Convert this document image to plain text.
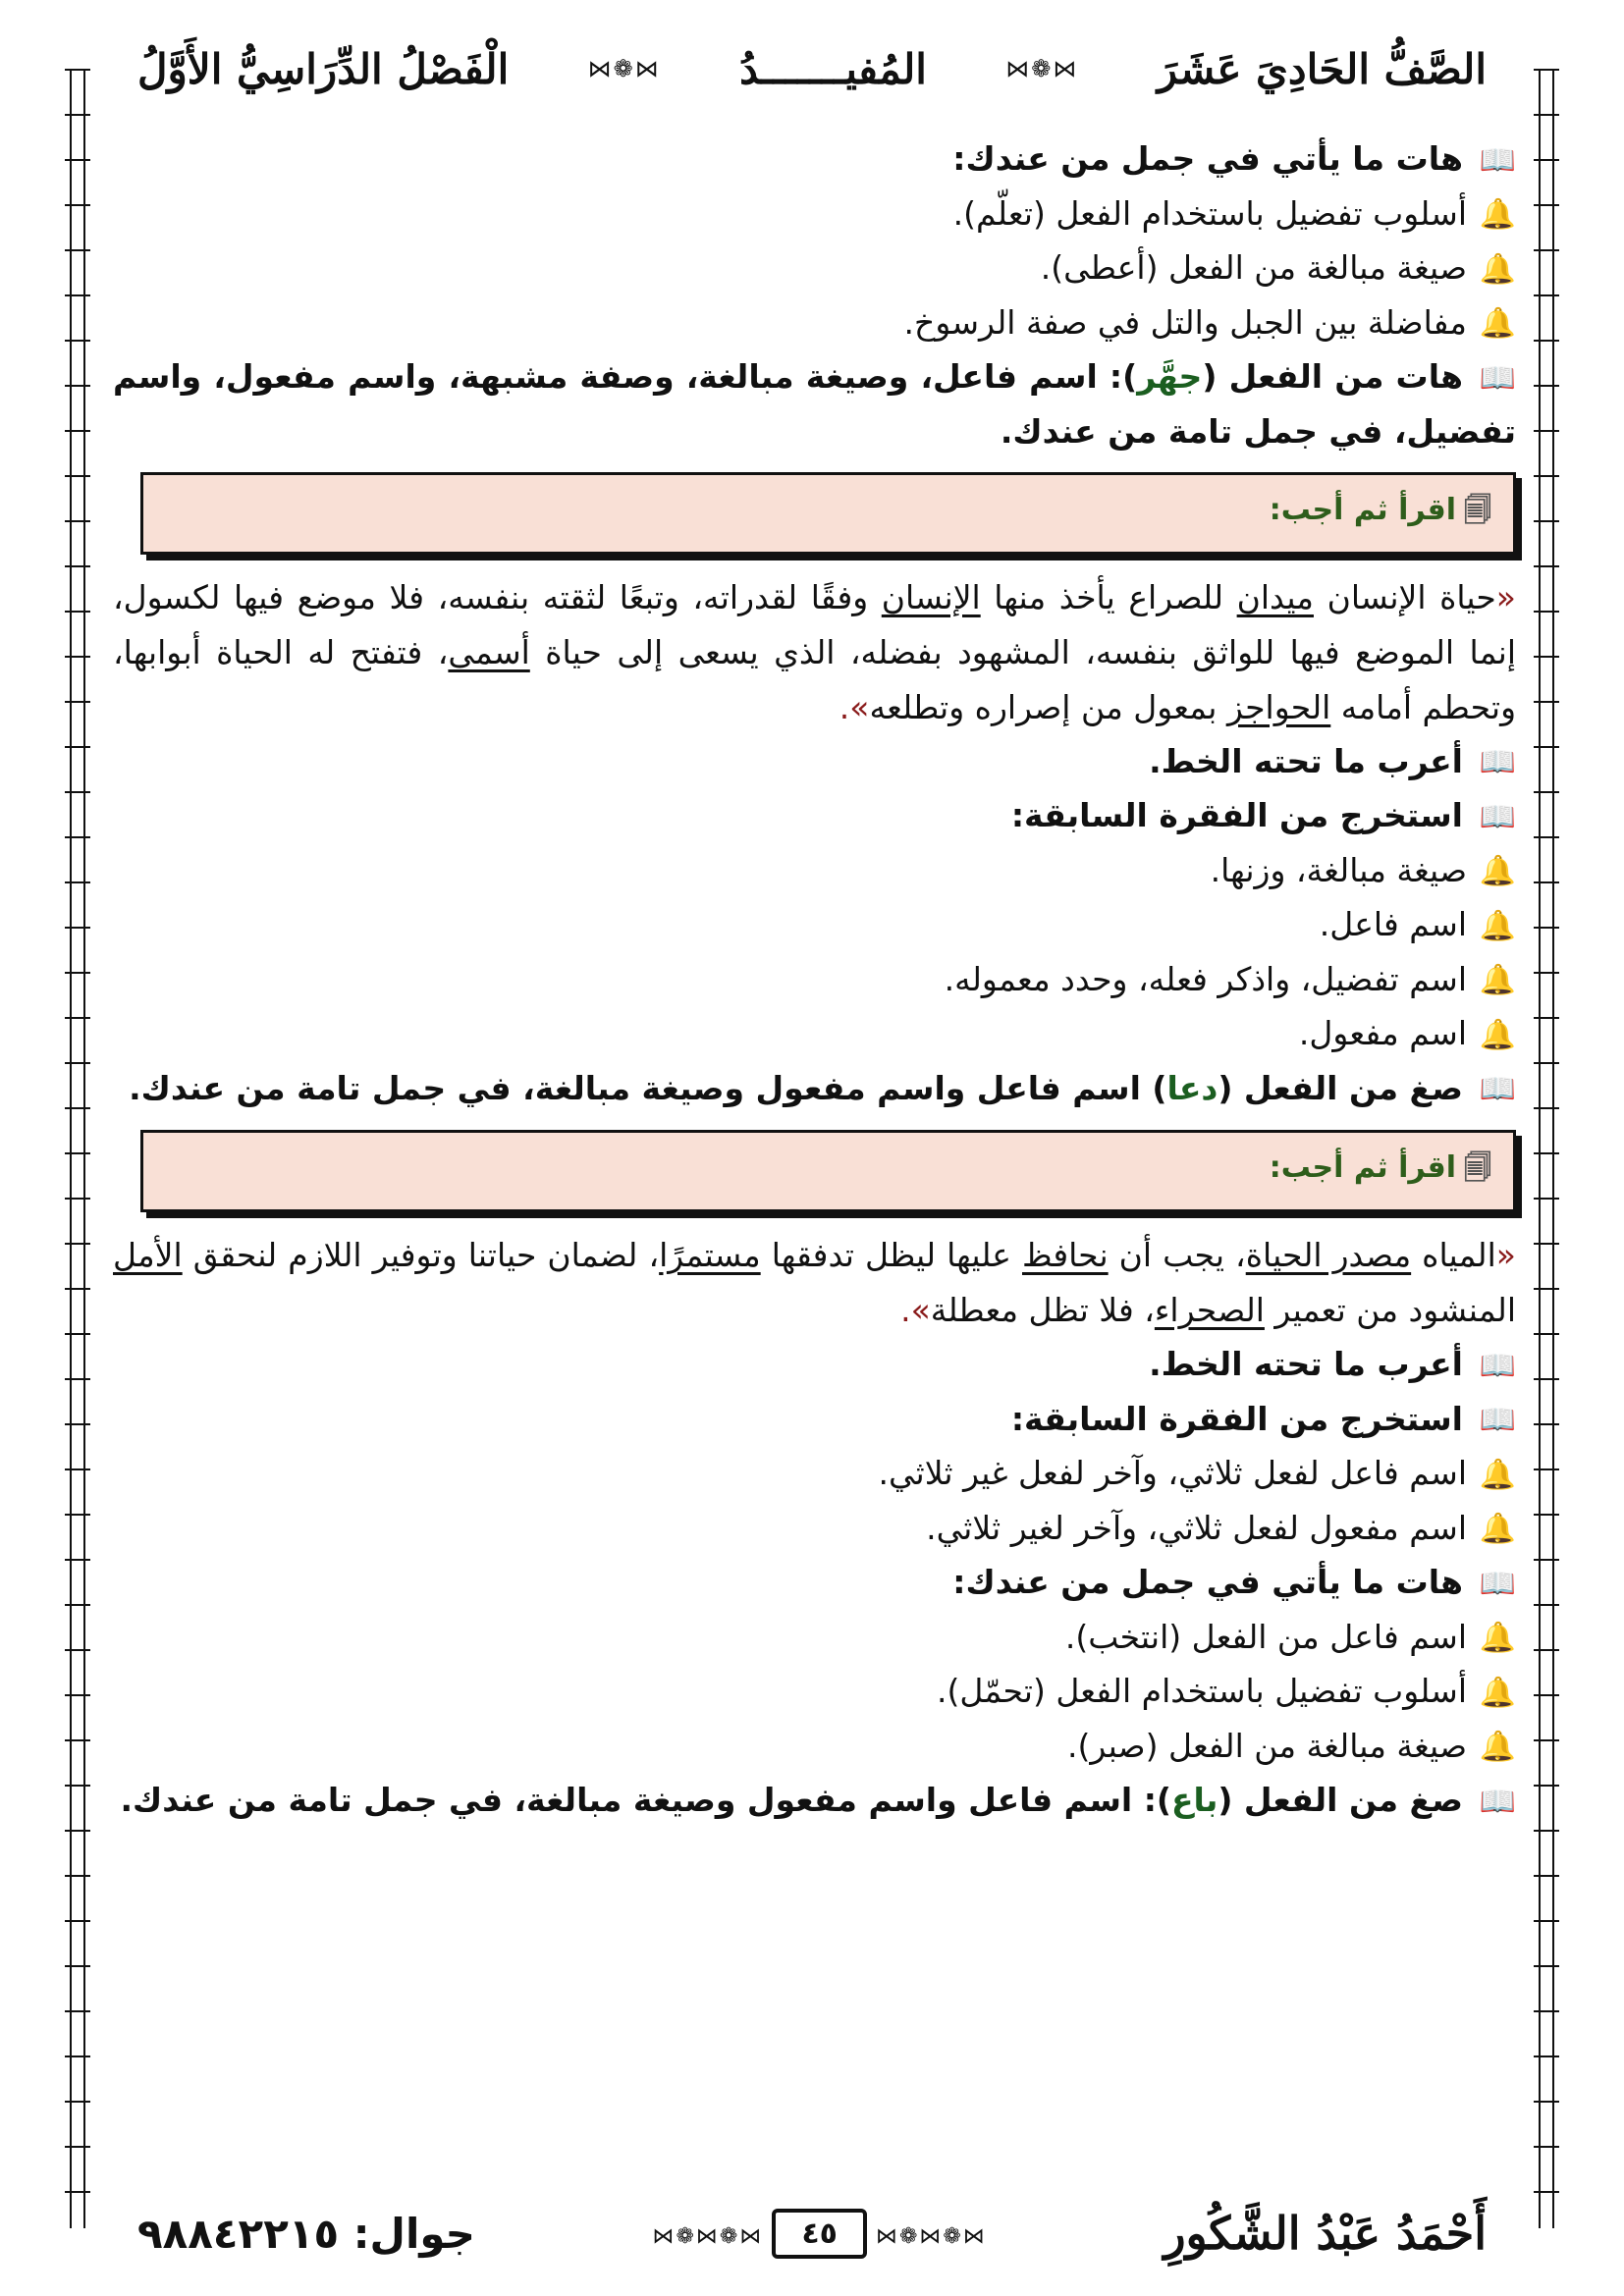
الصَّفُّ الحَادِيَ عَشَرَ
⋈❁⋈
المُفيـــــــدُ
⋈❁⋈
الْفَصْلُ الدِّرَاسِيُّ الأَوَّلُ
📖هات ما يأتي في جمل من عندك:
🔔أسلوب تفضيل باستخدام الفعل (تعلّم).
🔔صيغة مبالغة من الفعل (أعطى).
🔔مفاضلة بين الجبل والتل في صفة الرسوخ.
📖هات من الفعل (جهَّر): اسم فاعل، وصيغة مبالغة، وصفة مشبهة، واسم مفعول، واسم تفضيل، في جمل تامة من عندك.
🗐اقرأ ثم أجب:
«حياة الإنسان ميدان للصراع يأخذ منها الإنسان وفقًا لقدراته، وتبعًا لثقته بنفسه، فلا موضع فيها لكسول، إنما الموضع فيها للواثق بنفسه، المشهود بفضله، الذي يسعى إلى حياة أسمى، فتفتح له الحياة أبوابها، وتحطم أمامه الحواجز بمعول من إصراره وتطلعه».
📖أعرب ما تحته الخط.
📖استخرج من الفقرة السابقة:
🔔صيغة مبالغة، وزنها.
🔔اسم فاعل.
🔔اسم تفضيل، واذكر فعله، وحدد معموله.
🔔اسم مفعول.
📖صغ من الفعل (دعا) اسم فاعل واسم مفعول وصيغة مبالغة، في جمل تامة من عندك.
🗐اقرأ ثم أجب:
«المياه مصدر الحياة، يجب أن نحافظ عليها ليظل تدفقها مستمرًا، لضمان حياتنا وتوفير اللازم لنحقق الأمل المنشود من تعمير الصحراء، فلا تظل معطلة».
📖أعرب ما تحته الخط.
📖استخرج من الفقرة السابقة:
🔔اسم فاعل لفعل ثلاثي، وآخر لفعل غير ثلاثي.
🔔اسم مفعول لفعل ثلاثي، وآخر لغير ثلاثي.
📖هات ما يأتي في جمل من عندك:
🔔اسم فاعل من الفعل (انتخب).
🔔أسلوب تفضيل باستخدام الفعل (تحمّل).
🔔صيغة مبالغة من الفعل (صبر).
📖صغ من الفعل (باع): اسم فاعل واسم مفعول وصيغة مبالغة، في جمل تامة من عندك.
أَحْمَدُ عَبْدُ الشَّكُورِ
⋈❁⋈❁⋈ ٤٥ ⋈❁⋈❁⋈
جوال: ٩٨٨٤٢٢١٥
